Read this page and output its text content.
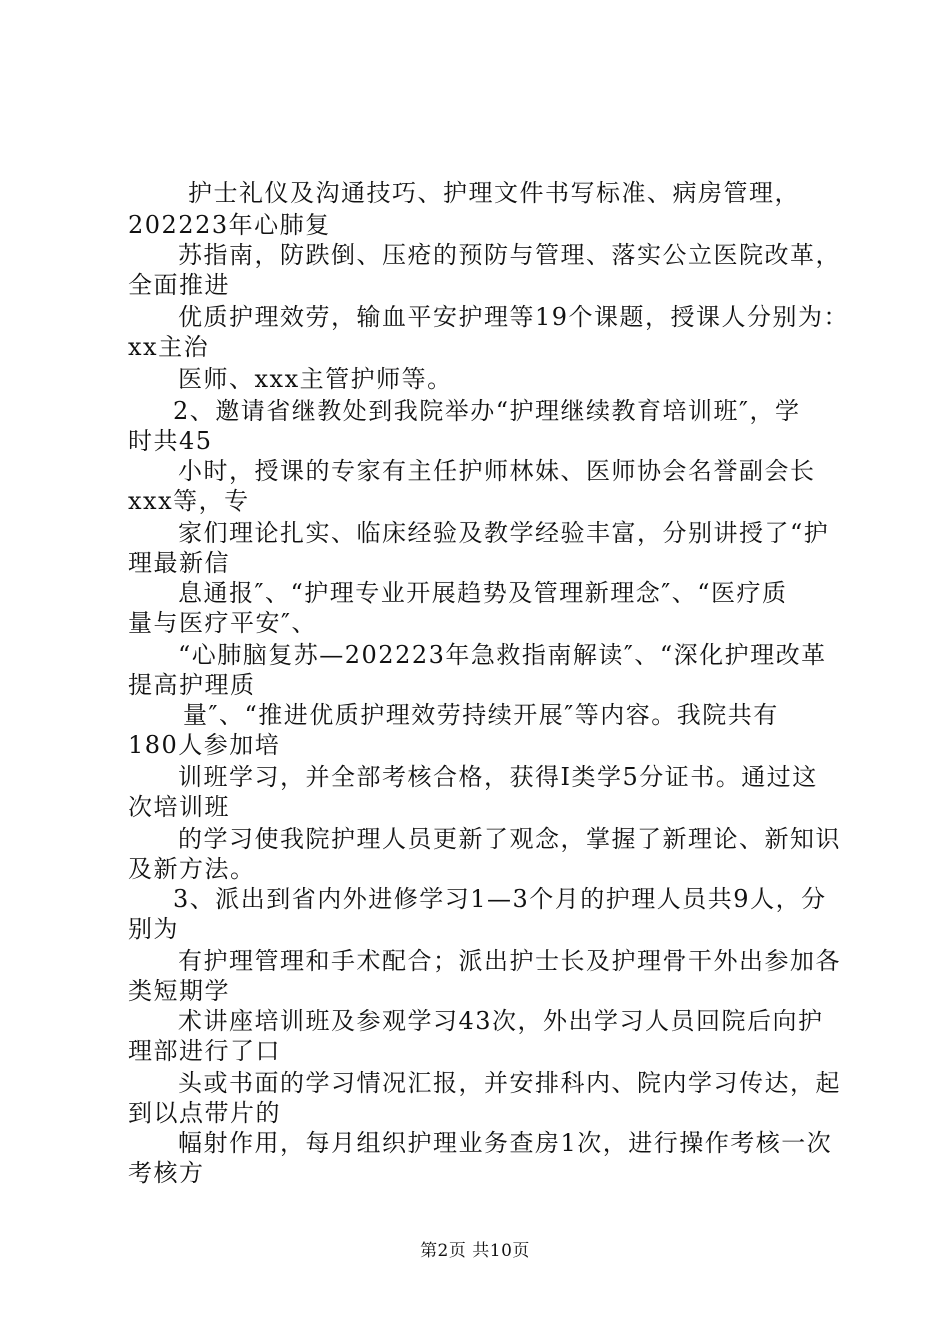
护士礼仪及沟通技巧、护理文件书写标准、病房管理，
202223年心肺复
苏指南，防跌倒、压疮的预防与管理、落实公立医院改革，
全面推进
优质护理效劳，输血平安护理等19个课题，授课人分别为：
xx主治
医师、xxx主管护师等。
2、邀请省继教处到我院举办“护理继续教育培训班″，学
时共45
小时，授课的专家有主任护师林妹、医师协会名誉副会长
xxx等，专
家们理论扎实、临床经验及教学经验丰富，分别讲授了“护
理最新信
息通报″、“护理专业开展趋势及管理新理念″、“医疗质
量与医疗平安″、
“心肺脑复苏—202223年急救指南解读″、“深化护理改革
提高护理质
量″、“推进优质护理效劳持续开展″等内容。我院共有
180人参加培
训班学习，并全部考核合格，获得Ⅰ类学5分证书。通过这
次培训班
的学习使我院护理人员更新了观念，掌握了新理论、新知识
及新方法。
3、派出到省内外进修学习1—3个月的护理人员共9人，分
别为
有护理管理和手术配合；派出护士长及护理骨干外出参加各
类短期学
术讲座培训班及参观学习43次，外出学习人员回院后向护
理部进行了口
头或书面的学习情况汇报，并安排科内、院内学习传达，起
到以点带片的
幅射作用，每月组织护理业务查房1次，进行操作考核一次
考核方
第2页 共10页
